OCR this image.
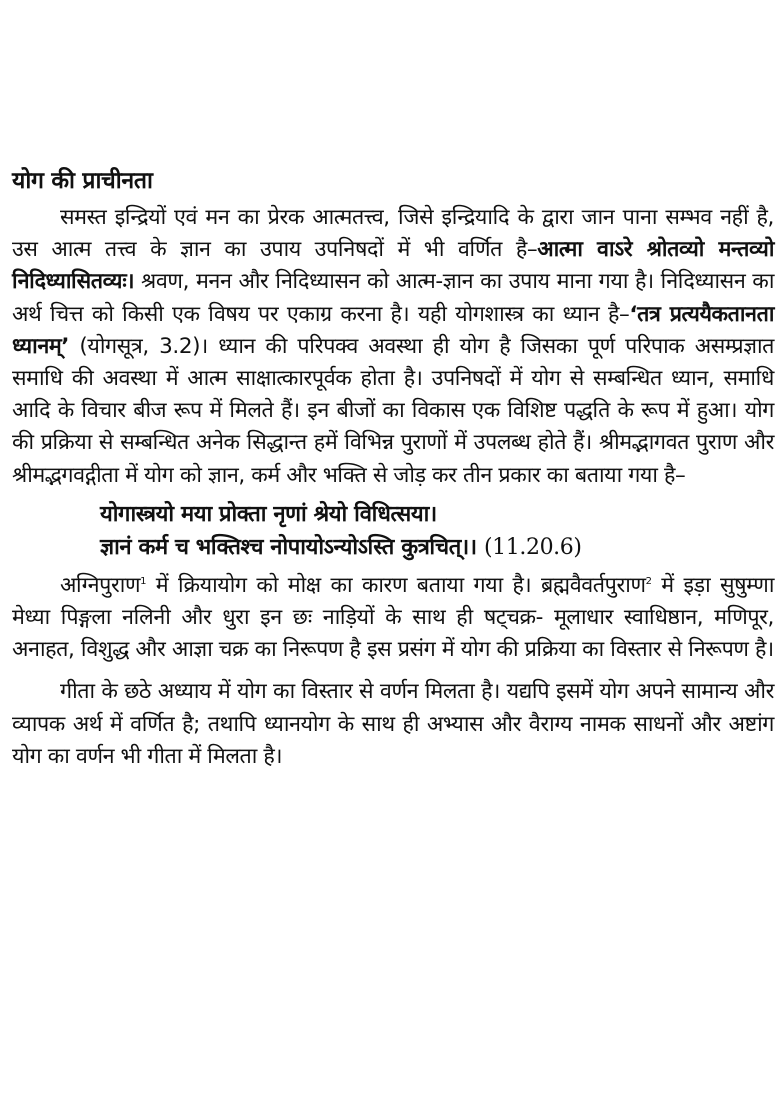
योग की प्राचीनता

समस्त इन्द्रियों एवं मन का प्रेरक आत्मतत्त्व, जिसे इन्द्रियादि के द्वारा जान पाना सम्भव नहीं है, उस आत्म तत्त्व के ज्ञान का उपाय उपनिषदों में भी वर्णित है–आत्मा वाऽरे श्रोतव्यो मन्तव्यो निदिध्यासितव्यः। श्रवण, मनन और निदिध्यासन को आत्म-ज्ञान का उपाय माना गया है। निदिध्यासन का अर्थ चित्त को किसी एक विषय पर एकाग्र करना है। यही योगशास्त्र का ध्यान है–‘तत्र प्रत्ययैकतानता ध्यानम्’ (योगसूत्र, 3.2)। ध्यान की परिपक्व अवस्था ही योग है जिसका पूर्ण परिपाक असम्प्रज्ञात समाधि की अवस्था में आत्म साक्षात्कारपूर्वक होता है। उपनिषदों में योग से सम्बन्धित ध्यान, समाधि आदि के विचार बीज रूप में मिलते हैं। इन बीजों का विकास एक विशिष्ट पद्धति के रूप में हुआ। योग की प्रक्रिया से सम्बन्धित अनेक सिद्धान्त हमें विभिन्न पुराणों में उपलब्ध होते हैं। श्रीमद्भागवत पुराण और श्रीमद्भगवद्गीता में योग को ज्ञान, कर्म और भक्ति से जोड़ कर तीन प्रकार का बताया गया है–

योगास्त्रयो मया प्रोक्ता नृणां श्रेयो विधित्सया।
ज्ञानं कर्म च भक्तिश्च नोपायोऽन्योऽस्ति कुत्रचित्।। (11.20.6)

अग्निपुराण$^1$ में क्रियायोग को मोक्ष का कारण बताया गया है। ब्रह्मवैवर्तपुराण$^2$ में इड़ा सुषुम्णा मेध्या पिङ्गला नलिनी और धुरा इन छः नाड़ियों के साथ ही षट्चक्र- मूलाधार स्वाधिष्ठान, मणिपूर, अनाहत, विशुद्ध और आज्ञा चक्र का निरूपण है इस प्रसंग में योग की प्रक्रिया का विस्तार से निरूपण है।

गीता के छठे अध्याय में योग का विस्तार से वर्णन मिलता है। यद्यपि इसमें योग अपने सामान्य और व्यापक अर्थ में वर्णित है; तथापि ध्यानयोग के साथ ही अभ्यास और वैराग्य नामक साधनों और अष्टांग योग का वर्णन भी गीता में मिलता है।
